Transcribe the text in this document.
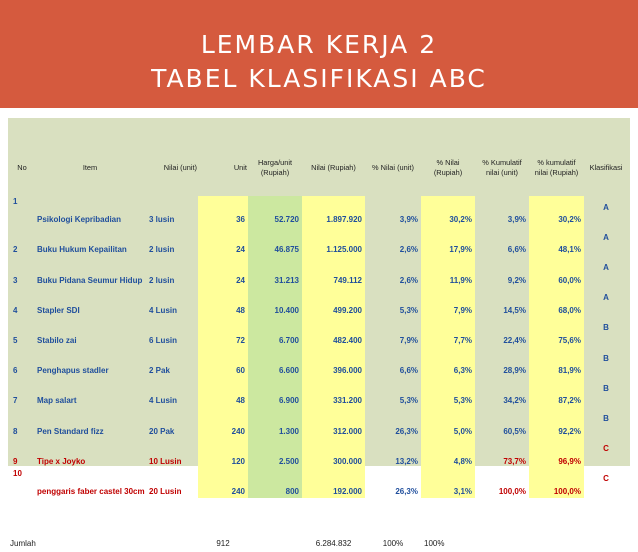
LEMBAR KERJA 2
TABEL KLASIFIKASI ABC
No	Item	Nilai (unit)	Unit	Harga/unit (Rupiah)	Nilai (Rupiah)	% Nilai (unit)	% Nilai (Rupiah)	% Kumulatif nilai (unit)	% kumulatif nilai (Rupiah)	Klasifikasi
1	Psikologi Kepribadian	3 lusin	36	52.720	1.897.920	3,9%	30,2%	3,9%	30,2%	A
2	Buku Hukum Kepailitan	2 lusin	24	46.875	1.125.000	2,6%	17,9%	6,6%	48,1%	A
3	Buku Pidana Seumur Hidup	2 lusin	24	31.213	749.112	2,6%	11,9%	9,2%	60,0%	A
4	Stapler SDI	4 Lusin	48	10.400	499.200	5,3%	7,9%	14,5%	68,0%	A
5	Stabilo zai	6 Lusin	72	6.700	482.400	7,9%	7,7%	22,4%	75,6%	B
6	Penghapus stadler	2 Pak	60	6.600	396.000	6,6%	6,3%	28,9%	81,9%	B
7	Map salart	4 Lusin	48	6.900	331.200	5,3%	5,3%	34,2%	87,2%	B
8	Pen Standard fizz	20 Pak	240	1.300	312.000	26,3%	5,0%	60,5%	92,2%	B
9	Tipe x Joyko	10 Lusin	120	2.500	300.000	13,2%	4,8%	73,7%	96,9%	C
10	penggaris faber castel 30cm	20 Lusin	240	800	192.000	26,3%	3,1%	100,0%	100,0%	C
Jumlah			912		6.284.832	100%	100%			
